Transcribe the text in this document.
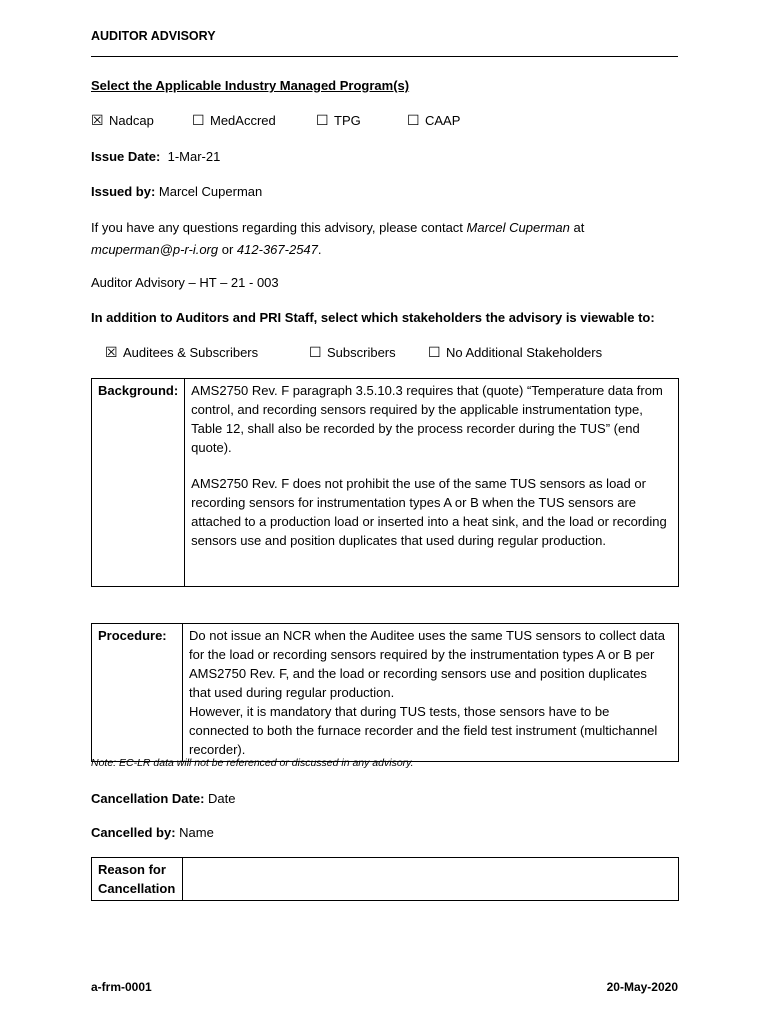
AUDITOR ADVISORY
Select the Applicable Industry Managed Program(s)
☒ Nadcap	☐ MedAccred	☐ TPG	☐ CAAP
Issue Date: 1-Mar-21
Issued by: Marcel Cuperman
If you have any questions regarding this advisory, please contact Marcel Cuperman at
mcuperman@p-r-i.org or 412-367-2547.
Auditor Advisory – HT – 21 - 003
In addition to Auditors and PRI Staff, select which stakeholders the advisory is viewable to:
☒ Auditees & Subscribers	☐ Subscribers ☐ No Additional Stakeholders
Background:	AMS2750 Rev. F paragraph 3.5.10.3 requires that (quote) “Temperature data from control, and recording sensors required by the applicable instrumentation type, Table 12, shall also be recorded by the process recorder during the TUS” (end quote).

AMS2750 Rev. F does not prohibit the use of the same TUS sensors as load or recording sensors for instrumentation types A or B when the TUS sensors are attached to a production load or inserted into a heat sink, and the load or recording sensors use and position duplicates that used during regular production.

Procedure:	Do not issue an NCR when the Auditee uses the same TUS sensors to collect data for the load or recording sensors required by the instrumentation types A or B per AMS2750 Rev. F, and the load or recording sensors use and position duplicates that used during regular production.

However, it is mandatory that during TUS tests, those sensors have to be connected to both the furnace recorder and the field test instrument (multichannel recorder).

Note: EC-LR data will not be referenced or discussed in any advisory.
Cancellation Date: Date
Cancelled by: Name
Reason for
Cancellation	
a-frm-0001	20-May-2020
